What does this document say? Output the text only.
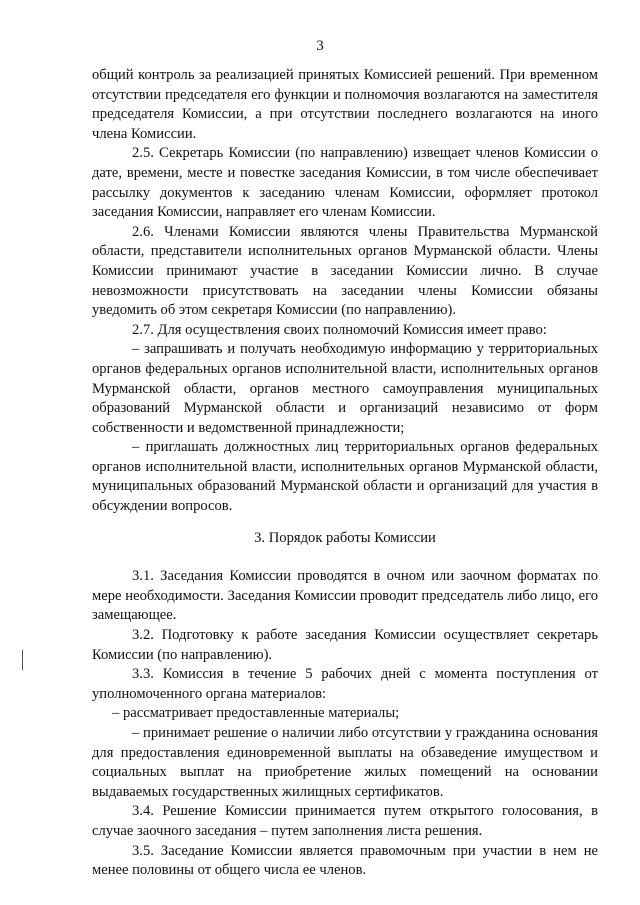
3

общий контроль за реализацией принятых Комиссией решений. При временном отсутствии председателя его функции и полномочия возлагаются на заместителя председателя Комиссии, а при отсутствии последнего возлагаются на иного члена Комиссии.

2.5. Секретарь Комиссии (по направлению) извещает членов Комиссии о дате, времени, месте и повестке заседания Комиссии, в том числе обеспечивает рассылку документов к заседанию членам Комиссии, оформляет протокол заседания Комиссии, направляет его членам Комиссии.

2.6. Членами Комиссии являются члены Правительства Мурманской области, представители исполнительных органов Мурманской области. Члены Комиссии принимают участие в заседании Комиссии лично. В случае невозможности присутствовать на заседании члены Комиссии обязаны уведомить об этом секретаря Комиссии (по направлению).

2.7. Для осуществления своих полномочий Комиссия имеет право:

– запрашивать и получать необходимую информацию у территориальных органов федеральных органов исполнительной власти, исполнительных органов Мурманской области, органов местного самоуправления муниципальных образований Мурманской области и организаций независимо от форм собственности и ведомственной принадлежности;

– приглашать должностных лиц территориальных органов федеральных органов исполнительной власти, исполнительных органов Мурманской области, муниципальных образований Мурманской области и организаций для участия в обсуждении вопросов.

3. Порядок работы Комиссии

3.1. Заседания Комиссии проводятся в очном или заочном форматах по мере необходимости. Заседания Комиссии проводит председатель либо лицо, его замещающее.

3.2. Подготовку к работе заседания Комиссии осуществляет секретарь Комиссии (по направлению).

3.3. Комиссия в течение 5 рабочих дней с момента поступления от уполномоченного органа материалов:

– рассматривает предоставленные материалы;

– принимает решение о наличии либо отсутствии у гражданина основания для предоставления единовременной выплаты на обзаведение имуществом и социальных выплат на приобретение жилых помещений на основании выдаваемых государственных жилищных сертификатов.

3.4. Решение Комиссии принимается путем открытого голосования, в случае заочного заседания – путем заполнения листа решения.

3.5. Заседание Комиссии является правомочным при участии в нем не менее половины от общего числа ее членов.
